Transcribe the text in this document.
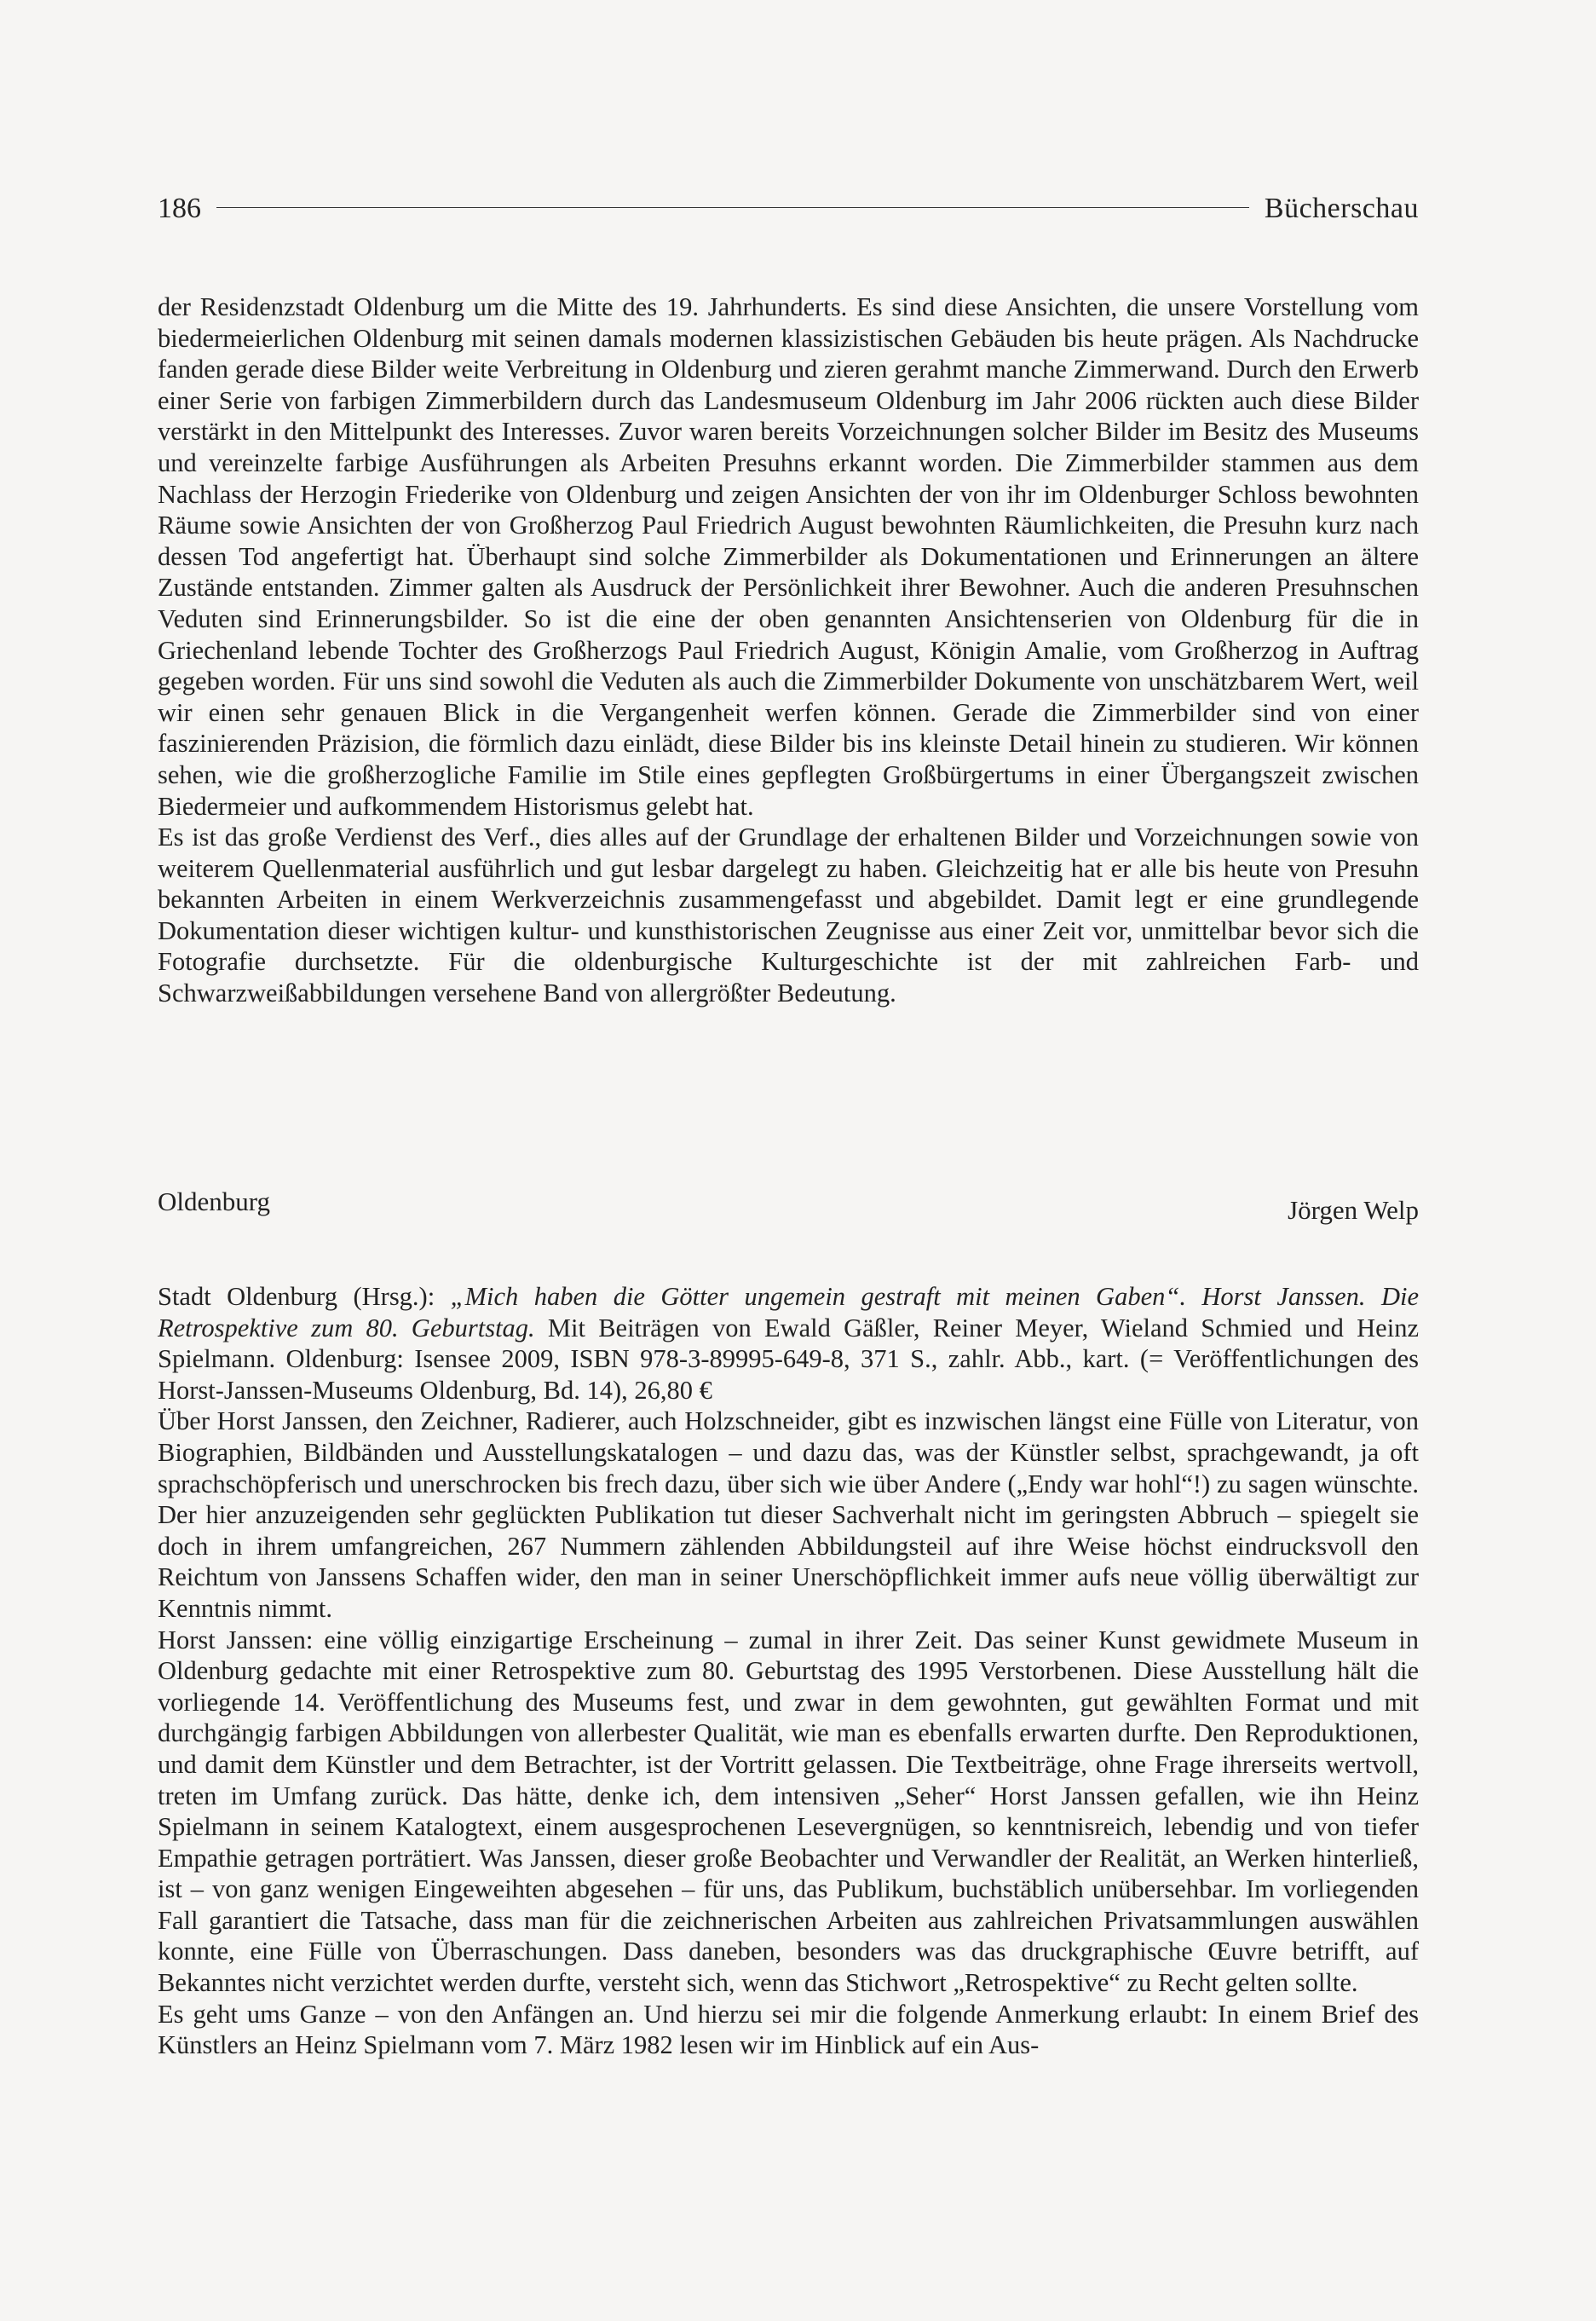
186	Bücherschau

der Residenzstadt Oldenburg um die Mitte des 19. Jahrhunderts. Es sind diese Ansichten, die unsere Vorstellung vom biedermeierlichen Oldenburg mit seinen damals modernen klassizistischen Gebäuden bis heute prägen. Als Nachdrucke fanden gerade diese Bilder weite Verbreitung in Oldenburg und zieren gerahmt manche Zimmerwand. Durch den Erwerb einer Serie von farbigen Zimmerbildern durch das Landesmuseum Oldenburg im Jahr 2006 rückten auch diese Bilder verstärkt in den Mittelpunkt des Interesses. Zuvor waren bereits Vorzeichnungen solcher Bilder im Besitz des Museums und vereinzelte farbige Ausführungen als Arbeiten Presuhns erkannt worden. Die Zimmerbilder stammen aus dem Nachlass der Herzogin Friederike von Oldenburg und zeigen Ansichten der von ihr im Oldenburger Schloss bewohnten Räume sowie Ansichten der von Großherzog Paul Friedrich August bewohnten Räumlichkeiten, die Presuhn kurz nach dessen Tod angefertigt hat. Überhaupt sind solche Zimmerbilder als Dokumentationen und Erinnerungen an ältere Zustände entstanden. Zimmer galten als Ausdruck der Persönlichkeit ihrer Bewohner. Auch die anderen Presuhnschen Veduten sind Erinnerungsbilder. So ist die eine der oben genannten Ansichtenserien von Oldenburg für die in Griechenland lebende Tochter des Großherzogs Paul Friedrich August, Königin Amalie, vom Großherzog in Auftrag gegeben worden. Für uns sind sowohl die Veduten als auch die Zimmerbilder Dokumente von unschätzbarem Wert, weil wir einen sehr genauen Blick in die Vergangenheit werfen können. Gerade die Zimmerbilder sind von einer faszinierenden Präzision, die förmlich dazu einlädt, diese Bilder bis ins kleinste Detail hinein zu studieren. Wir können sehen, wie die großherzogliche Familie im Stile eines gepflegten Großbürgertums in einer Übergangszeit zwischen Biedermeier und aufkommendem Historismus gelebt hat.

Es ist das große Verdienst des Verf., dies alles auf der Grundlage der erhaltenen Bilder und Vorzeichnungen sowie von weiterem Quellenmaterial ausführlich und gut lesbar dargelegt zu haben. Gleichzeitig hat er alle bis heute von Presuhn bekannten Arbeiten in einem Werkverzeichnis zusammengefasst und abgebildet. Damit legt er eine grundlegende Dokumentation dieser wichtigen kultur- und kunsthistorischen Zeugnisse aus einer Zeit vor, unmittelbar bevor sich die Fotografie durchsetzte. Für die oldenburgische Kulturgeschichte ist der mit zahlreichen Farb- und Schwarzweißabbildungen versehene Band von allergrößter Bedeutung.

Oldenburg	Jörgen Welp

Stadt Oldenburg (Hrsg.): „Mich haben die Götter ungemein gestraft mit meinen Gaben“. Horst Janssen. Die Retrospektive zum 80. Geburtstag. Mit Beiträgen von Ewald Gäßler, Reiner Meyer, Wieland Schmied und Heinz Spielmann. Oldenburg: Isensee 2009, ISBN 978-3-89995-649-8, 371 S., zahlr. Abb., kart. (= Veröffentlichungen des Horst-Janssen-Museums Oldenburg, Bd. 14), 26,80 €

Über Horst Janssen, den Zeichner, Radierer, auch Holzschneider, gibt es inzwischen längst eine Fülle von Literatur, von Biographien, Bildbänden und Ausstellungskatalogen – und dazu das, was der Künstler selbst, sprachgewandt, ja oft sprachschöpferisch und unerschrocken bis frech dazu, über sich wie über Andere („Endy war hohl“!) zu sagen wünschte. Der hier anzuzeigenden sehr geglückten Publikation tut dieser Sachverhalt nicht im geringsten Abbruch – spiegelt sie doch in ihrem umfangreichen, 267 Nummern zählenden Abbildungsteil auf ihre Weise höchst eindrucksvoll den Reichtum von Janssens Schaffen wider, den man in seiner Unerschöpflichkeit immer aufs neue völlig überwältigt zur Kenntnis nimmt.

Horst Janssen: eine völlig einzigartige Erscheinung – zumal in ihrer Zeit. Das seiner Kunst gewidmete Museum in Oldenburg gedachte mit einer Retrospektive zum 80. Geburtstag des 1995 Verstorbenen. Diese Ausstellung hält die vorliegende 14. Veröffentlichung des Museums fest, und zwar in dem gewohnten, gut gewählten Format und mit durchgängig farbigen Abbildungen von allerbester Qualität, wie man es ebenfalls erwarten durfte. Den Reproduktionen, und damit dem Künstler und dem Betrachter, ist der Vortritt gelassen. Die Textbeiträge, ohne Frage ihrerseits wertvoll, treten im Umfang zurück. Das hätte, denke ich, dem intensiven „Seher“ Horst Janssen gefallen, wie ihn Heinz Spielmann in seinem Katalogtext, einem ausgesprochenen Lesevergnügen, so kenntnisreich, lebendig und von tiefer Empathie getragen porträtiert. Was Janssen, dieser große Beobachter und Verwandler der Realität, an Werken hinterließ, ist – von ganz wenigen Eingeweihten abgesehen – für uns, das Publikum, buchstäblich unübersehbar. Im vorliegenden Fall garantiert die Tatsache, dass man für die zeichnerischen Arbeiten aus zahlreichen Privatsammlungen auswählen konnte, eine Fülle von Überraschungen. Dass daneben, besonders was das druckgraphische Œuvre betrifft, auf Bekanntes nicht verzichtet werden durfte, versteht sich, wenn das Stichwort „Retrospektive“ zu Recht gelten sollte.

Es geht ums Ganze – von den Anfängen an. Und hierzu sei mir die folgende Anmerkung erlaubt: In einem Brief des Künstlers an Heinz Spielmann vom 7. März 1982 lesen wir im Hinblick auf ein Aus-
